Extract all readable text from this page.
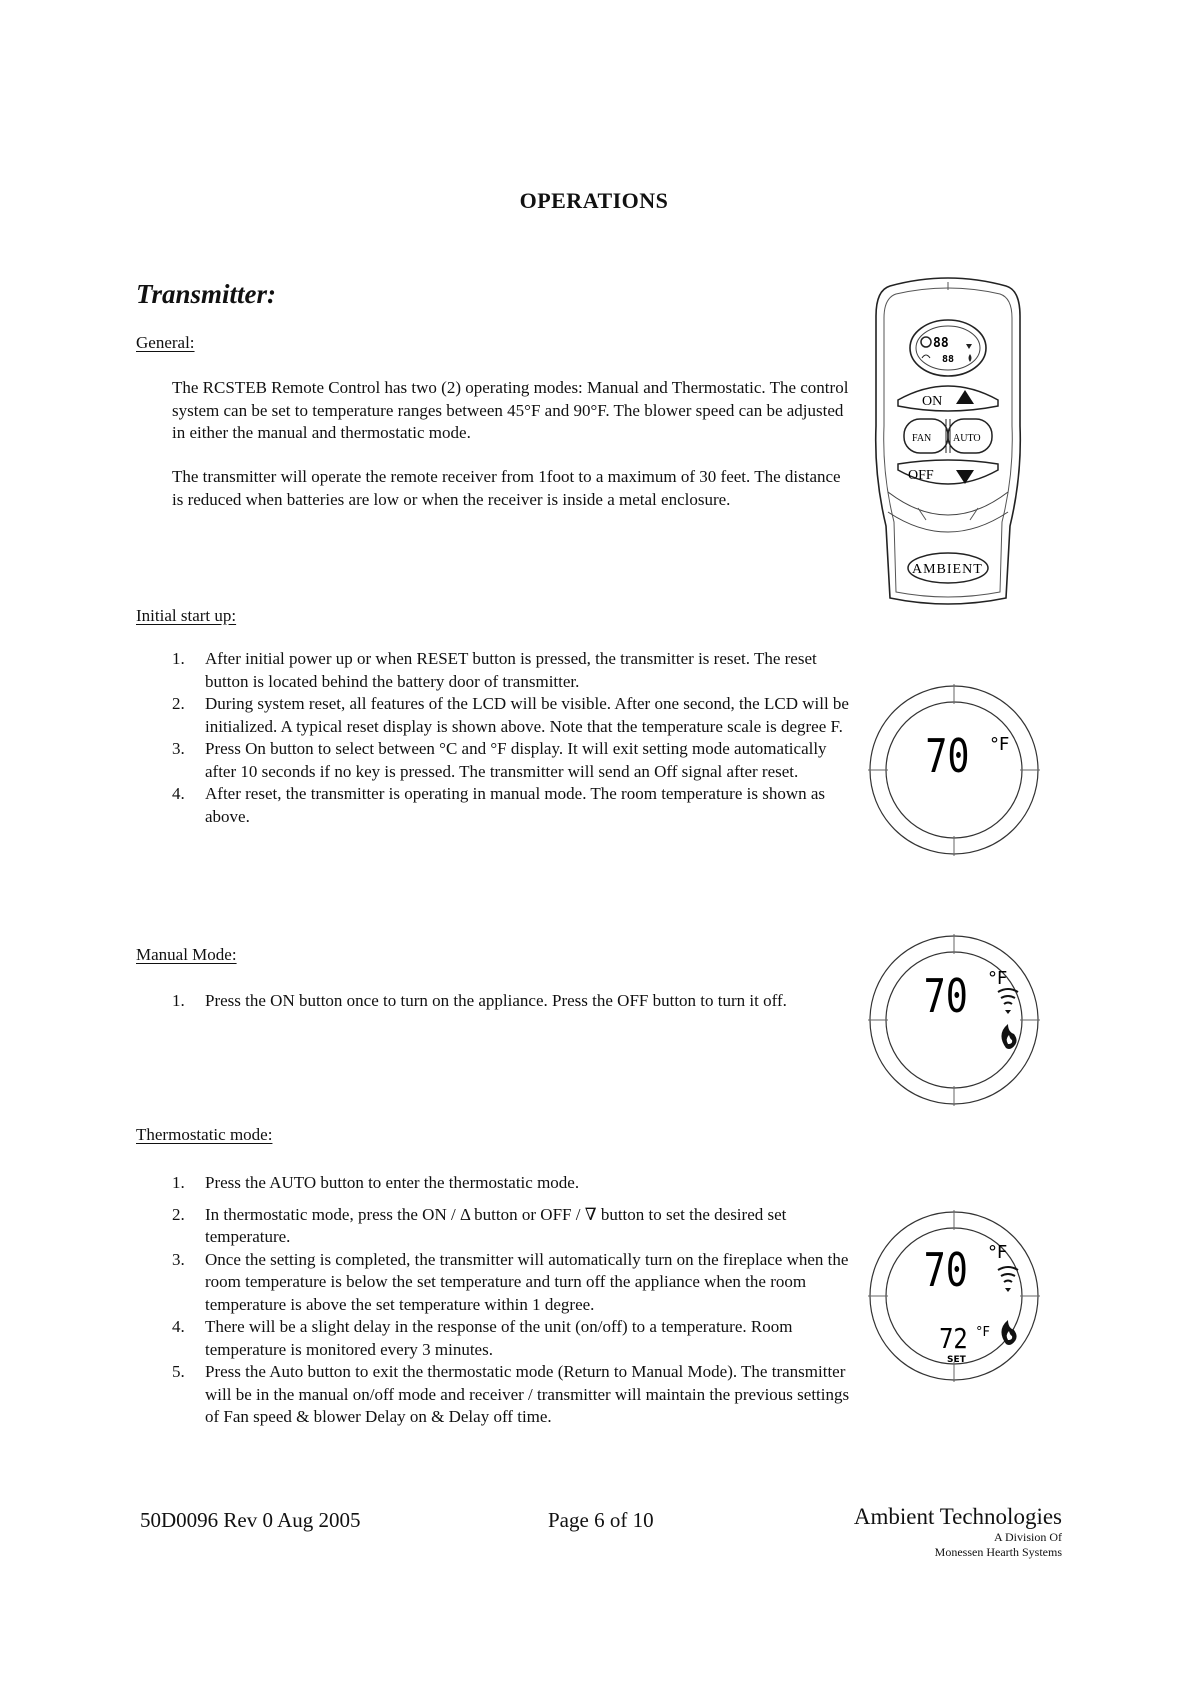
OPERATIONS
Transmitter:
General:

The RCSTEB Remote Control has two (2) operating modes: Manual and Thermostatic. The control system can be set to temperature ranges between 45°F and 90°F. The blower speed can be adjusted in either the manual and thermostatic mode.

The transmitter will operate the remote receiver from 1foot to a maximum of 30 feet. The distance is reduced when batteries are low or when the receiver is inside a metal enclosure.

Initial start up:
1. After initial power up or when RESET button is pressed, the transmitter is reset. The reset button is located behind the battery door of transmitter.
2. During system reset, all features of the LCD will be visible. After one second, the LCD will be initialized. A typical reset display is shown above. Note that the temperature scale is degree F.
3. Press On button to select between °C and °F display. It will exit setting mode automatically after 10 seconds if no key is pressed. The transmitter will send an Off signal after reset.
4. After reset, the transmitter is operating in manual mode. The room temperature is shown as above.
Manual Mode:
1. Press the ON button once to turn on the appliance. Press the OFF button to turn it off.
Thermostatic mode:
1. Press the AUTO button to enter the thermostatic mode.
2. In thermostatic mode, press the ON / Δ button or OFF / ∇ button to set the desired set temperature.
3. Once the setting is completed, the transmitter will automatically turn on the fireplace when the room temperature is below the set temperature and turn off the appliance when the room temperature is above the set temperature within 1 degree.
4. There will be a slight delay in the response of the unit (on/off) to a temperature. Room temperature is monitored every 3 minutes.
5. Press the Auto button to exit the thermostatic mode (Return to Manual Mode). The transmitter will be in the manual on/off mode and receiver / transmitter will maintain the previous settings of Fan speed & blower Delay on & Delay off time.
88
88
ON
FAN AUTO
OFF
AMBIENT
70 °F
70 °F
70 °F
72 °F
SET
50D0096 Rev 0 Aug 2005	Page 6 of 10	Ambient Technologies
A Division Of
Monessen Hearth Systems
